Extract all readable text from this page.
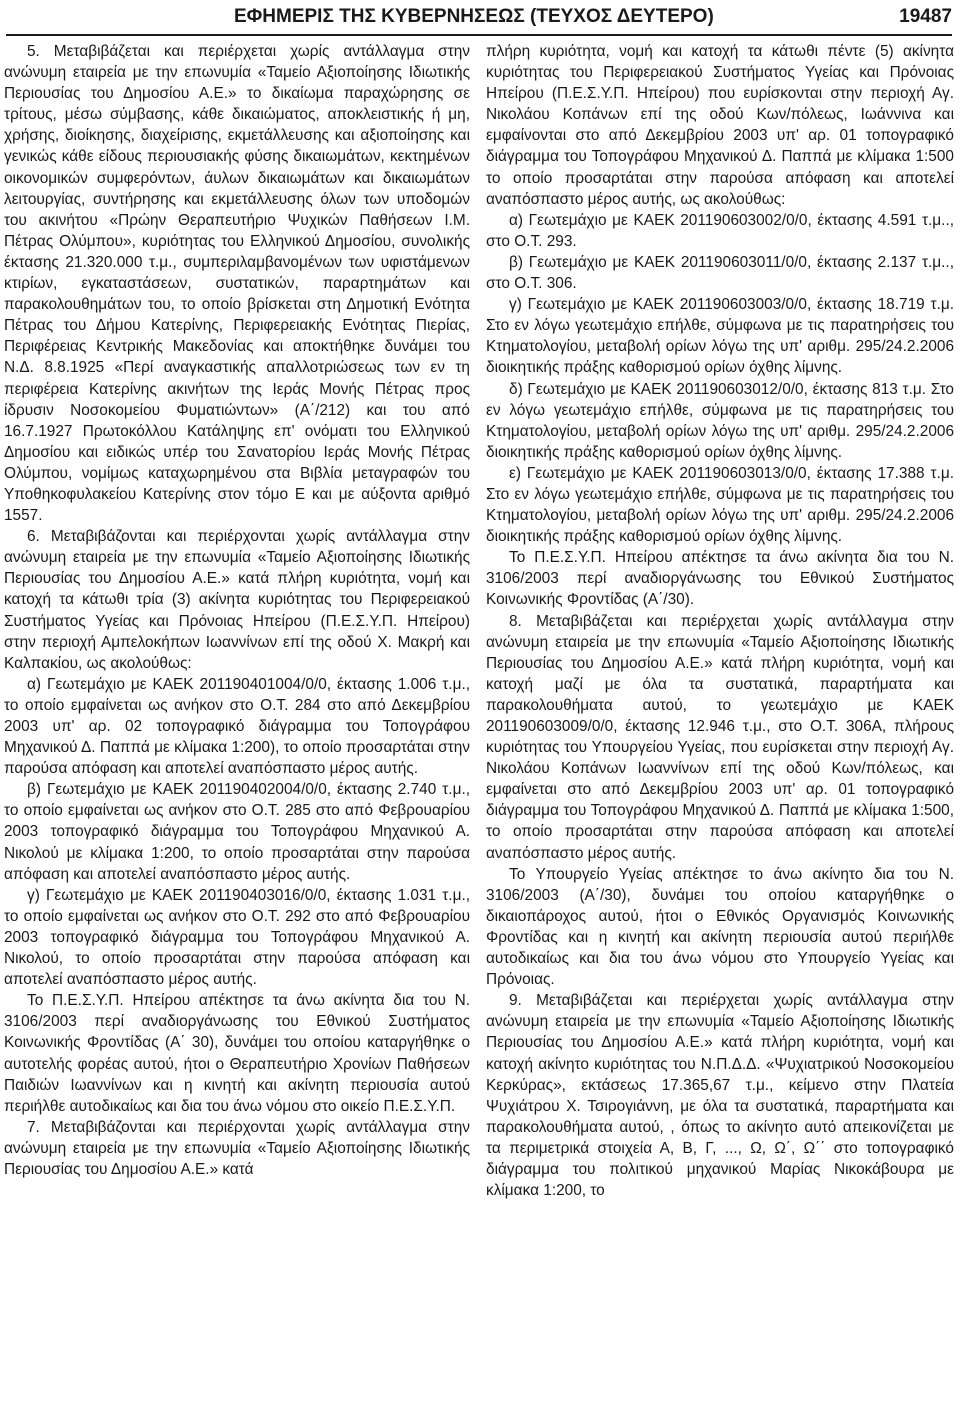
ΕΦΗΜΕΡΙΣ ΤΗΣ ΚΥΒΕΡΝΗΣΕΩΣ (ΤΕΥΧΟΣ ΔΕΥΤΕΡΟ)	19487

5. Μεταβιβάζεται και περιέρχεται χωρίς αντάλλαγμα στην ανώνυμη εταιρεία με την επωνυμία «Ταμείο Αξιοποίησης Ιδιωτικής Περιουσίας του Δημοσίου Α.Ε.» το δικαίωμα παραχώρησης σε τρίτους, μέσω σύμβασης, κάθε δικαιώματος, αποκλειστικής ή μη, χρήσης, διοίκησης, διαχείρισης, εκμετάλλευσης και αξιοποίησης και γενικώς κάθε είδους περιουσιακής φύσης δικαιωμάτων, κεκτημένων οικονομικών συμφερόντων, άυλων δικαιωμάτων και δικαιωμάτων λειτουργίας, συντήρησης και εκμετάλλευσης όλων των υποδομών του ακινήτου «Πρώην Θεραπευτήριο Ψυχικών Παθήσεων Ι.Μ. Πέτρας Ολύμπου», κυριότητας του Ελληνικού Δημοσίου, συνολικής έκτασης 21.320.000 τ.μ., συμπεριλαμβανομένων των υφιστάμενων κτιρίων, εγκαταστάσεων, συστατικών, παραρτημάτων και παρακολουθημάτων του, το οποίο βρίσκεται στη Δημοτική Ενότητα Πέτρας του Δήμου Κατερίνης, Περιφερειακής Ενότητας Πιερίας, Περιφέρειας Κεντρικής Μακεδονίας και αποκτήθηκε δυνάμει του Ν.Δ. 8.8.1925 «Περί αναγκαστικής απαλλοτριώσεως των εν τη περιφέρεια Κατερίνης ακινήτων της Ιεράς Μονής Πέτρας προς ίδρυσιν Νοσοκομείου Φυματιώντων» (Α΄/212) και του από 16.7.1927 Πρωτοκόλλου Κατάληψης επ' ονόματι του Ελληνικού Δημοσίου και ειδικώς υπέρ του Σανατορίου Ιεράς Μονής Πέτρας Ολύμπου, νομίμως καταχωρημένου στα Βιβλία μεταγραφών του Υποθηκοφυλακείου Κατερίνης στον τόμο Ε και με αύξοντα αριθμό 1557.

6. Μεταβιβάζονται και περιέρχονται χωρίς αντάλλαγμα στην ανώνυμη εταιρεία με την επωνυμία «Ταμείο Αξιοποίησης Ιδιωτικής Περιουσίας του Δημοσίου Α.Ε.» κατά πλήρη κυριότητα, νομή και κατοχή τα κάτωθι τρία (3) ακίνητα κυριότητας του Περιφερειακού Συστήματος Υγείας και Πρόνοιας Ηπείρου (Π.Ε.Σ.Υ.Π. Ηπείρου) στην περιοχή Αμπελοκήπων Ιωαννίνων επί της οδού Χ. Μακρή και Καλπακίου, ως ακολούθως:

α) Γεωτεμάχιο με ΚΑΕΚ 201190401004/0/0, έκτασης 1.006 τ.μ., το οποίο εμφαίνεται ως ανήκον στο Ο.Τ. 284 στο από Δεκεμβρίου 2003 υπ' αρ. 02 τοπογραφικό διάγραμμα του Τοπογράφου Μηχανικού Δ. Παππά με κλίμακα 1:200), το οποίο προσαρτάται στην παρούσα απόφαση και αποτελεί αναπόσπαστο μέρος αυτής.

β) Γεωτεμάχιο με ΚΑΕΚ 201190402004/0/0, έκτασης 2.740 τ.μ., το οποίο εμφαίνεται ως ανήκον στο Ο.Τ. 285 στο από Φεβρουαρίου 2003 τοπογραφικό διάγραμμα του Τοπογράφου Μηχανικού Α. Νικολού με κλίμακα 1:200, το οποίο προσαρτάται στην παρούσα απόφαση και αποτελεί αναπόσπαστο μέρος αυτής.

γ) Γεωτεμάχιο με ΚΑΕΚ 201190403016/0/0, έκτασης 1.031 τ.μ., το οποίο εμφαίνεται ως ανήκον στο Ο.Τ. 292 στο από Φεβρουαρίου 2003 τοπογραφικό διάγραμμα του Τοπογράφου Μηχανικού Α. Νικολού, το οποίο προσαρτάται στην παρούσα απόφαση και αποτελεί αναπόσπαστο μέρος αυτής.

Το Π.Ε.Σ.Υ.Π. Ηπείρου απέκτησε τα άνω ακίνητα δια του Ν. 3106/2003 περί αναδιοργάνωσης του Εθνικού Συστήματος Κοινωνικής Φροντίδας (Α΄ 30), δυνάμει του οποίου καταργήθηκε ο αυτοτελής φορέας αυτού, ήτοι ο Θεραπευτήριο Χρονίων Παθήσεων Παιδιών Ιωαννίνων και η κινητή και ακίνητη περιουσία αυτού περιήλθε αυτοδικαίως και δια του άνω νόμου στο οικείο Π.Ε.Σ.Υ.Π.

7. Μεταβιβάζονται και περιέρχονται χωρίς αντάλλαγμα στην ανώνυμη εταιρεία με την επωνυμία «Ταμείο Αξιοποίησης Ιδιωτικής Περιουσίας του Δημοσίου Α.Ε.» κατά

πλήρη κυριότητα, νομή και κατοχή τα κάτωθι πέντε (5) ακίνητα κυριότητας του Περιφερειακού Συστήματος Υγείας και Πρόνοιας Ηπείρου (Π.Ε.Σ.Υ.Π. Ηπείρου) που ευρίσκονται στην περιοχή Αγ. Νικολάου Κοπάνων επί της οδού Κων/πόλεως, Ιωάννινα και εμφαίνονται στο από Δεκεμβρίου 2003 υπ' αρ. 01 τοπογραφικό διάγραμμα του Τοπογράφου Μηχανικού Δ. Παππά με κλίμακα 1:500 το οποίο προσαρτάται στην παρούσα απόφαση και αποτελεί αναπόσπαστο μέρος αυτής, ως ακολούθως:

α) Γεωτεμάχιο με ΚΑΕΚ 201190603002/0/0, έκτασης 4.591 τ.μ.., στο Ο.Τ. 293.

β) Γεωτεμάχιο με ΚΑΕΚ 201190603011/0/0, έκτασης 2.137 τ.μ.., στο Ο.Τ. 306.

γ) Γεωτεμάχιο με ΚΑΕΚ 201190603003/0/0, έκτασης 18.719 τ.μ. Στο εν λόγω γεωτεμάχιο επήλθε, σύμφωνα με τις παρατηρήσεις του Κτηματολογίου, μεταβολή ορίων λόγω της υπ' αριθμ. 295/24.2.2006 διοικητικής πράξης καθορισμού ορίων όχθης λίμνης.

δ) Γεωτεμάχιο με ΚΑΕΚ 201190603012/0/0, έκτασης 813 τ.μ. Στο εν λόγω γεωτεμάχιο επήλθε, σύμφωνα με τις παρατηρήσεις του Κτηματολογίου, μεταβολή ορίων λόγω της υπ' αριθμ. 295/24.2.2006 διοικητικής πράξης καθορισμού ορίων όχθης λίμνης.

ε) Γεωτεμάχιο με ΚΑΕΚ 201190603013/0/0, έκτασης 17.388 τ.μ. Στο εν λόγω γεωτεμάχιο επήλθε, σύμφωνα με τις παρατηρήσεις του Κτηματολογίου, μεταβολή ορίων λόγω της υπ' αριθμ. 295/24.2.2006 διοικητικής πράξης καθορισμού ορίων όχθης λίμνης.

Το Π.Ε.Σ.Υ.Π. Ηπείρου απέκτησε τα άνω ακίνητα δια του Ν. 3106/2003 περί αναδιοργάνωσης του Εθνικού Συστήματος Κοινωνικής Φροντίδας (Α΄/30).

8. Μεταβιβάζεται και περιέρχεται χωρίς αντάλλαγμα στην ανώνυμη εταιρεία με την επωνυμία «Ταμείο Αξιοποίησης Ιδιωτικής Περιουσίας του Δημοσίου Α.Ε.» κατά πλήρη κυριότητα, νομή και κατοχή μαζί με όλα τα συστατικά, παραρτήματα και παρακολουθήματα αυτού, το γεωτεμάχιο με ΚΑΕΚ 201190603009/0/0, έκτασης 12.946 τ.μ., στο Ο.Τ. 306Α, πλήρους κυριότητας του Υπουργείου Υγείας, που ευρίσκεται στην περιοχή Αγ. Νικολάου Κοπάνων Ιωαννίνων επί της οδού Κων/πόλεως, και εμφαίνεται στο από Δεκεμβρίου 2003 υπ' αρ. 01 τοπογραφικό διάγραμμα του Τοπογράφου Μηχανικού Δ. Παππά με κλίμακα 1:500, το οποίο προσαρτάται στην παρούσα απόφαση και αποτελεί αναπόσπαστο μέρος αυτής.

Το Υπουργείο Υγείας απέκτησε το άνω ακίνητο δια του Ν. 3106/2003 (Α΄/30), δυνάμει του οποίου καταργήθηκε ο δικαιοπάροχος αυτού, ήτοι ο Εθνικός Οργανισμός Κοινωνικής Φροντίδας και η κινητή και ακίνητη περιουσία αυτού περιήλθε αυτοδικαίως και δια του άνω νόμου στο Υπουργείο Υγείας και Πρόνοιας.

9. Μεταβιβάζεται και περιέρχεται χωρίς αντάλλαγμα στην ανώνυμη εταιρεία με την επωνυμία «Ταμείο Αξιοποίησης Ιδιωτικής Περιουσίας του Δημοσίου Α.Ε.» κατά πλήρη κυριότητα, νομή και κατοχή ακίνητο κυριότητας του Ν.Π.Δ.Δ. «Ψυχιατρικού Νοσοκομείου Κερκύρας», εκτάσεως 17.365,67 τ.μ., κείμενο στην Πλατεία Ψυχιάτρου Χ. Τσιρογιάννη, με όλα τα συστατικά, παραρτήματα και παρακολουθήματα αυτού, , όπως το ακίνητο αυτό απεικονίζεται με τα περιμετρικά στοιχεία Α, Β, Γ, ..., Ω, Ω΄, Ω΄΄ στο τοπογραφικό διάγραμμα του πολιτικού μηχανικού Μαρίας Νικοκάβουρα με κλίμακα 1:200, το
